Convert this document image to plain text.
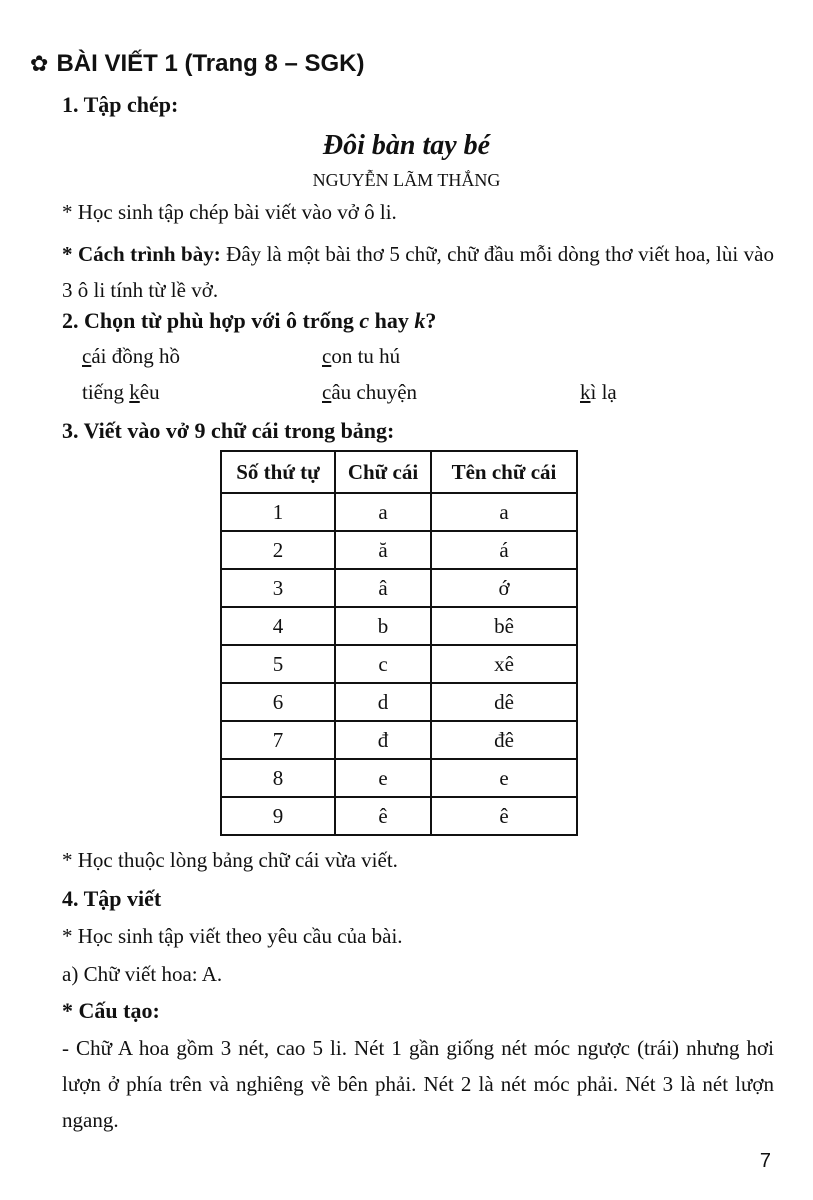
✿ BÀI VIẾT 1 (Trang 8 – SGK)
1. Tập chép:
Đôi bàn tay bé
NGUYỄN LÃM THẮNG
* Học sinh tập chép bài viết vào vở ô li.
* Cách trình bày: Đây là một bài thơ 5 chữ, chữ đầu mỗi dòng thơ viết hoa, lùi vào 3 ô li tính từ lề vở.
2. Chọn từ phù hợp với ô trống c hay k?
cái đồng hồ	con tu hú
tiếng kêu	câu chuyện	kì lạ
3. Viết vào vở 9 chữ cái trong bảng:
Số thứ tự	Chữ cái	Tên chữ cái
1	a	a
2	ă	á
3	â	ớ
4	b	bê
5	c	xê
6	d	dê
7	đ	đê
8	e	e
9	ê	ê
* Học thuộc lòng bảng chữ cái vừa viết.
4. Tập viết
* Học sinh tập viết theo yêu cầu của bài.
a) Chữ viết hoa: A.
* Cấu tạo:
- Chữ A hoa gồm 3 nét, cao 5 li. Nét 1 gần giống nét móc ngược (trái) nhưng hơi lượn ở phía trên và nghiêng về bên phải. Nét 2 là nét móc phải. Nét 3 là nét lượn ngang.
7
